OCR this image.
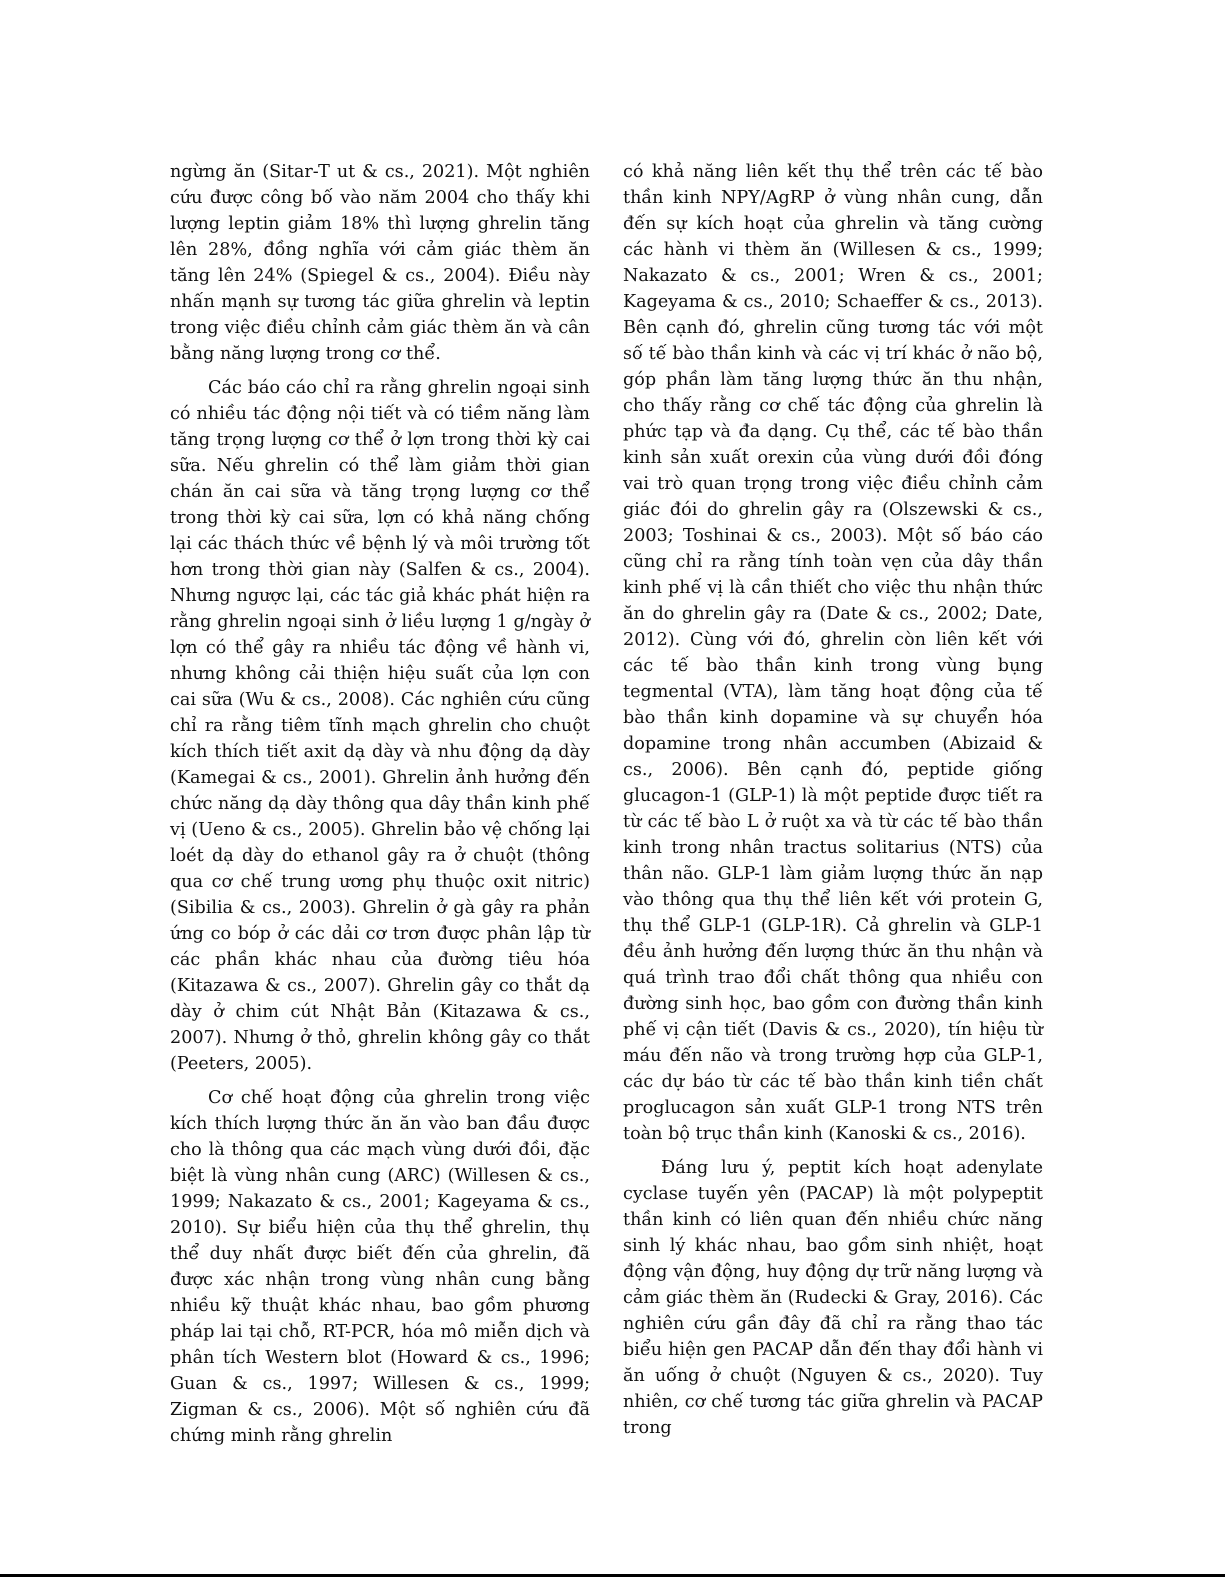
ngừng ăn (Sitar-T ut & cs., 2021). Một nghiên cứu được công bố vào năm 2004 cho thấy khi lượng leptin giảm 18% thì lượng ghrelin tăng lên 28%, đồng nghĩa với cảm giác thèm ăn tăng lên 24% (Spiegel & cs., 2004). Điều này nhấn mạnh sự tương tác giữa ghrelin và leptin trong việc điều chỉnh cảm giác thèm ăn và cân bằng năng lượng trong cơ thể.

Các báo cáo chỉ ra rằng ghrelin ngoại sinh có nhiều tác động nội tiết và có tiềm năng làm tăng trọng lượng cơ thể ở lợn trong thời kỳ cai sữa. Nếu ghrelin có thể làm giảm thời gian chán ăn cai sữa và tăng trọng lượng cơ thể trong thời kỳ cai sữa, lợn có khả năng chống lại các thách thức về bệnh lý và môi trường tốt hơn trong thời gian này (Salfen & cs., 2004). Nhưng ngược lại, các tác giả khác phát hiện ra rằng ghrelin ngoại sinh ở liều lượng 1 g/ngày ở lợn có thể gây ra nhiều tác động về hành vi, nhưng không cải thiện hiệu suất của lợn con cai sữa (Wu & cs., 2008). Các nghiên cứu cũng chỉ ra rằng tiêm tĩnh mạch ghrelin cho chuột kích thích tiết axit dạ dày và nhu động dạ dày (Kamegai & cs., 2001). Ghrelin ảnh hưởng đến chức năng dạ dày thông qua dây thần kinh phế vị (Ueno & cs., 2005). Ghrelin bảo vệ chống lại loét dạ dày do ethanol gây ra ở chuột (thông qua cơ chế trung ương phụ thuộc oxit nitric) (Sibilia & cs., 2003). Ghrelin ở gà gây ra phản ứng co bóp ở các dải cơ trơn được phân lập từ các phần khác nhau của đường tiêu hóa (Kitazawa & cs., 2007). Ghrelin gây co thắt dạ dày ở chim cút Nhật Bản (Kitazawa & cs., 2007). Nhưng ở thỏ, ghrelin không gây co thắt (Peeters, 2005).

Cơ chế hoạt động của ghrelin trong việc kích thích lượng thức ăn ăn vào ban đầu được cho là thông qua các mạch vùng dưới đồi, đặc biệt là vùng nhân cung (ARC) (Willesen & cs., 1999; Nakazato & cs., 2001; Kageyama & cs., 2010). Sự biểu hiện của thụ thể ghrelin, thụ thể duy nhất được biết đến của ghrelin, đã được xác nhận trong vùng nhân cung bằng nhiều kỹ thuật khác nhau, bao gồm phương pháp lai tại chỗ, RT-PCR, hóa mô miễn dịch và phân tích Western blot (Howard & cs., 1996; Guan & cs., 1997; Willesen & cs., 1999; Zigman & cs., 2006). Một số nghiên cứu đã chứng minh rằng ghrelin

có khả năng liên kết thụ thể trên các tế bào thần kinh NPY/AgRP ở vùng nhân cung, dẫn đến sự kích hoạt của ghrelin và tăng cường các hành vi thèm ăn (Willesen & cs., 1999; Nakazato & cs., 2001; Wren & cs., 2001; Kageyama & cs., 2010; Schaeffer & cs., 2013). Bên cạnh đó, ghrelin cũng tương tác với một số tế bào thần kinh và các vị trí khác ở não bộ, góp phần làm tăng lượng thức ăn thu nhận, cho thấy rằng cơ chế tác động của ghrelin là phức tạp và đa dạng. Cụ thể, các tế bào thần kinh sản xuất orexin của vùng dưới đồi đóng vai trò quan trọng trong việc điều chỉnh cảm giác đói do ghrelin gây ra (Olszewski & cs., 2003; Toshinai & cs., 2003). Một số báo cáo cũng chỉ ra rằng tính toàn vẹn của dây thần kinh phế vị là cần thiết cho việc thu nhận thức ăn do ghrelin gây ra (Date & cs., 2002; Date, 2012). Cùng với đó, ghrelin còn liên kết với các tế bào thần kinh trong vùng bụng tegmental (VTA), làm tăng hoạt động của tế bào thần kinh dopamine và sự chuyển hóa dopamine trong nhân accumben (Abizaid & cs., 2006). Bên cạnh đó, peptide giống glucagon-1 (GLP-1) là một peptide được tiết ra từ các tế bào L ở ruột xa và từ các tế bào thần kinh trong nhân tractus solitarius (NTS) của thân não. GLP-1 làm giảm lượng thức ăn nạp vào thông qua thụ thể liên kết với protein G, thụ thể GLP-1 (GLP-1R). Cả ghrelin và GLP-1 đều ảnh hưởng đến lượng thức ăn thu nhận và quá trình trao đổi chất thông qua nhiều con đường sinh học, bao gồm con đường thần kinh phế vị cận tiết (Davis & cs., 2020), tín hiệu từ máu đến não và trong trường hợp của GLP-1, các dự báo từ các tế bào thần kinh tiền chất proglucagon sản xuất GLP-1 trong NTS trên toàn bộ trục thần kinh (Kanoski & cs., 2016).

Đáng lưu ý, peptit kích hoạt adenylate cyclase tuyến yên (PACAP) là một polypeptit thần kinh có liên quan đến nhiều chức năng sinh lý khác nhau, bao gồm sinh nhiệt, hoạt động vận động, huy động dự trữ năng lượng và cảm giác thèm ăn (Rudecki & Gray, 2016). Các nghiên cứu gần đây đã chỉ ra rằng thao tác biểu hiện gen PACAP dẫn đến thay đổi hành vi ăn uống ở chuột (Nguyen & cs., 2020). Tuy nhiên, cơ chế tương tác giữa ghrelin và PACAP trong
